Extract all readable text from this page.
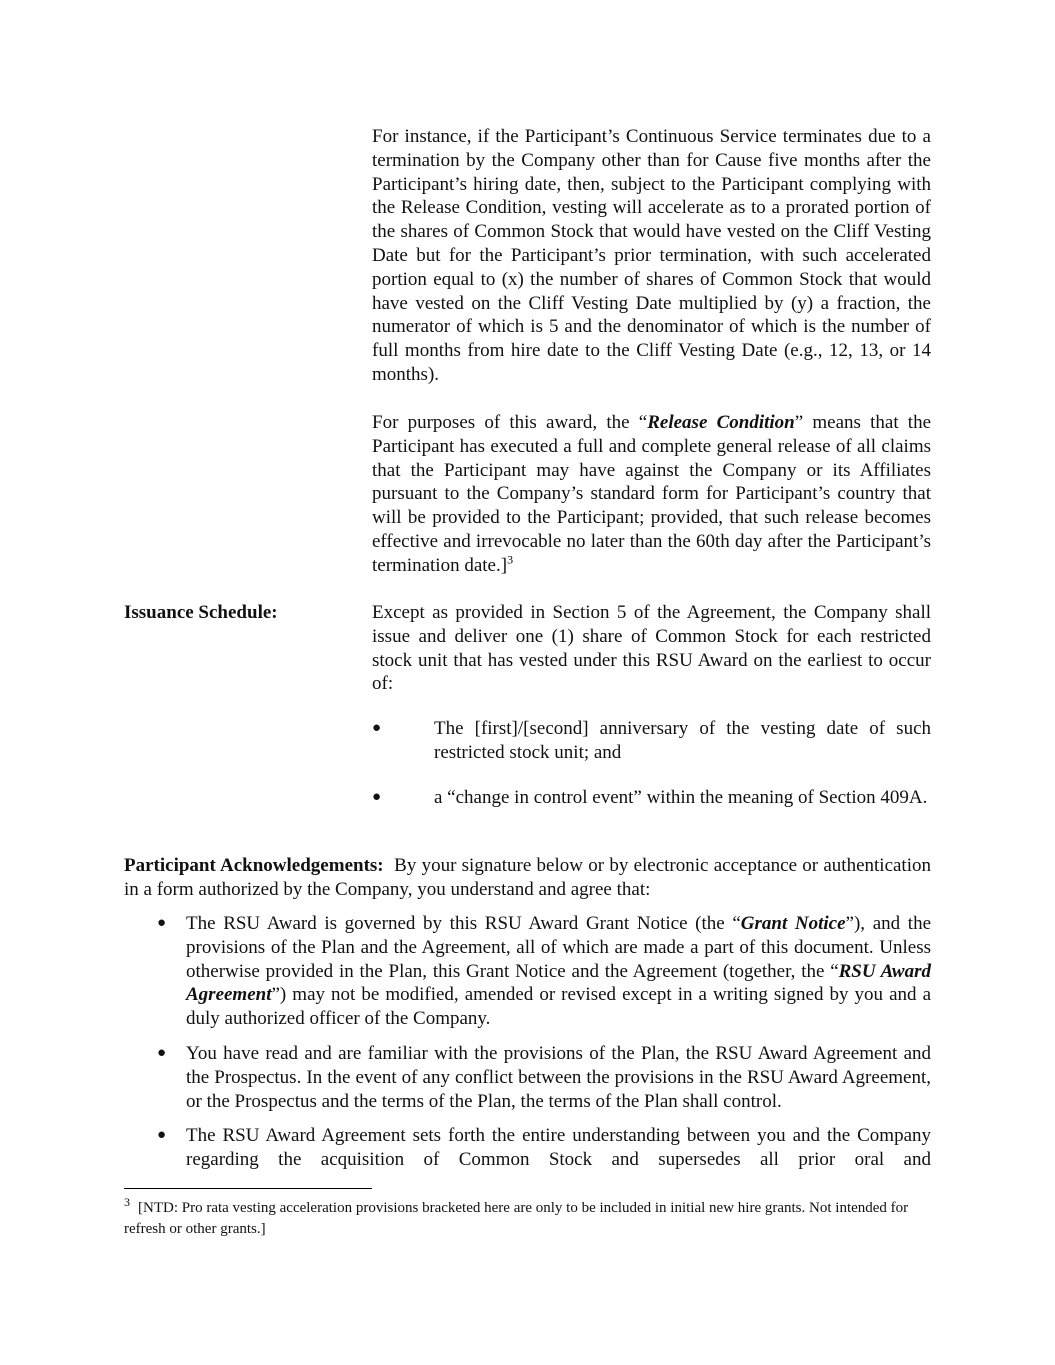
For instance, if the Participant’s Continuous Service terminates due to a termination by the Company other than for Cause five months after the Participant’s hiring date, then, subject to the Participant complying with the Release Condition, vesting will accelerate as to a prorated portion of the shares of Common Stock that would have vested on the Cliff Vesting Date but for the Participant’s prior termination, with such accelerated portion equal to (x) the number of shares of Common Stock that would have vested on the Cliff Vesting Date multiplied by (y) a fraction, the numerator of which is 5 and the denominator of which is the number of full months from hire date to the Cliff Vesting Date (e.g., 12, 13, or 14 months).

For purposes of this award, the “Release Condition” means that the Participant has executed a full and complete general release of all claims that the Participant may have against the Company or its Affiliates pursuant to the Company’s standard form for Participant’s country that will be provided to the Participant; provided, that such release becomes effective and irrevocable no later than the 60th day after the Participant’s termination date.]$^3$

Issuance Schedule:	Except as provided in Section 5 of the Agreement, the Company shall issue and deliver one (1) share of Common Stock for each restricted stock unit that has vested under this RSU Award on the earliest to occur of:

●	The [first]/[second] anniversary of the vesting date of such restricted stock unit; and

●	a “change in control event” within the meaning of Section 409A.

Participant Acknowledgements: By your signature below or by electronic acceptance or authentication in a form authorized by the Company, you understand and agree that:

● The RSU Award is governed by this RSU Award Grant Notice (the “Grant Notice”), and the provisions of the Plan and the Agreement, all of which are made a part of this document. Unless otherwise provided in the Plan, this Grant Notice and the Agreement (together, the “RSU Award Agreement”) may not be modified, amended or revised except in a writing signed by you and a duly authorized officer of the Company.

● You have read and are familiar with the provisions of the Plan, the RSU Award Agreement and the Prospectus. In the event of any conflict between the provisions in the RSU Award Agreement, or the Prospectus and the terms of the Plan, the terms of the Plan shall control.

● The RSU Award Agreement sets forth the entire understanding between you and the Company regarding the acquisition of Common Stock and supersedes all prior oral and

$^3$ [NTD: Pro rata vesting acceleration provisions bracketed here are only to be included in initial new hire grants. Not intended for refresh or other grants.]
